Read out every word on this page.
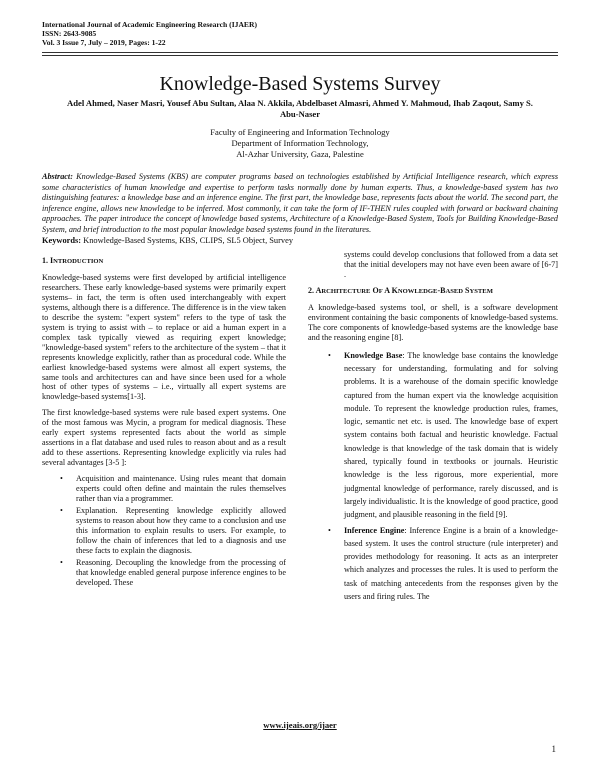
International Journal of Academic Engineering Research (IJAER)
ISSN: 2643-9085
Vol. 3 Issue 7, July – 2019, Pages: 1-22
Knowledge-Based Systems Survey
Adel Ahmed, Naser Masri, Yousef Abu Sultan, Alaa N. Akkila, Abdelbaset Almasri, Ahmed Y. Mahmoud, Ihab Zaqout, Samy S. Abu-Naser
Faculty of Engineering and Information Technology
Department of Information Technology,
Al-Azhar University, Gaza, Palestine
Abstract: Knowledge-Based Systems (KBS) are computer programs based on technologies established by Artificial Intelligence research, which express some characteristics of human knowledge and expertise to perform tasks normally done by human experts. Thus, a knowledge-based system has two distinguishing features: a knowledge base and an inference engine. The first part, the knowledge base, represents facts about the world. The second part, the inference engine, allows new knowledge to be inferred. Most commonly, it can take the form of IF-THEN rules coupled with forward or backward chaining approaches. The paper introduce the concept of knowledge based systems, Architecture of a Knowledge-Based System, Tools for Building Knowledge-Based System, and brief introduction to the most popular knowledge based systems found in the literatures.
Keywords: Knowledge-Based Systems, KBS, CLIPS, SL5 Object, Survey
1. INTRODUCTION

Knowledge-based systems were first developed by artificial intelligence researchers. These early knowledge-based systems were primarily expert systems– in fact, the term is often used interchangeably with expert systems, although there is a difference. The difference is in the view taken to describe the system: "expert system" refers to the type of task the system is trying to assist with – to replace or aid a human expert in a complex task typically viewed as requiring expert knowledge; "knowledge-based system" refers to the architecture of the system – that it represents knowledge explicitly, rather than as procedural code. While the earliest knowledge-based systems were almost all expert systems, the same tools and architectures can and have since been used for a whole host of other types of systems – i.e., virtually all expert systems are knowledge-based systems[1-3].

The first knowledge-based systems were rule based expert systems. One of the most famous was Mycin, a program for medical diagnosis. These early expert systems represented facts about the world as simple assertions in a flat database and used rules to reason about and as a result add to these assertions. Representing knowledge explicitly via rules had several advantages [3-5 ]:

• Acquisition and maintenance. Using rules meant that domain experts could often define and maintain the rules themselves rather than via a programmer.
• Explanation. Representing knowledge explicitly allowed systems to reason about how they came to a conclusion and use this information to explain results to users. For example, to follow the chain of inferences that led to a diagnosis and use these facts to explain the diagnosis.
• Reasoning. Decoupling the knowledge from the processing of that knowledge enabled general purpose inference engines to be developed. These

systems could develop conclusions that followed from a data set that the initial developers may not have even been aware of [6-7] .

2. ARCHITECTURE OF A KNOWLEDGE-BASED SYSTEM

A knowledge-based systems tool, or shell, is a software development environment containing the basic components of knowledge-based systems. The core components of knowledge-based systems are the knowledge base and the reasoning engine [8].

• Knowledge Base: The knowledge base contains the knowledge necessary for understanding, formulating and for solving problems. It is a warehouse of the domain specific knowledge captured from the human expert via the knowledge acquisition module. To represent the knowledge production rules, frames, logic, semantic net etc. is used. The knowledge base of expert system contains both factual and heuristic knowledge. Factual knowledge is that knowledge of the task domain that is widely shared, typically found in textbooks or journals. Heuristic knowledge is the less rigorous, more experiential, more judgmental knowledge of performance, rarely discussed, and is largely individualistic. It is the knowledge of good practice, good judgment, and plausible reasoning in the field [9].
• Inference Engine: Inference Engine is a brain of a knowledge-based system. It uses the control structure (rule interpreter) and provides methodology for reasoning. It acts as an interpreter which analyzes and processes the rules. It is used to perform the task of matching antecedents from the responses given by the users and firing rules. The
www.ijeais.org/ijaer
1
